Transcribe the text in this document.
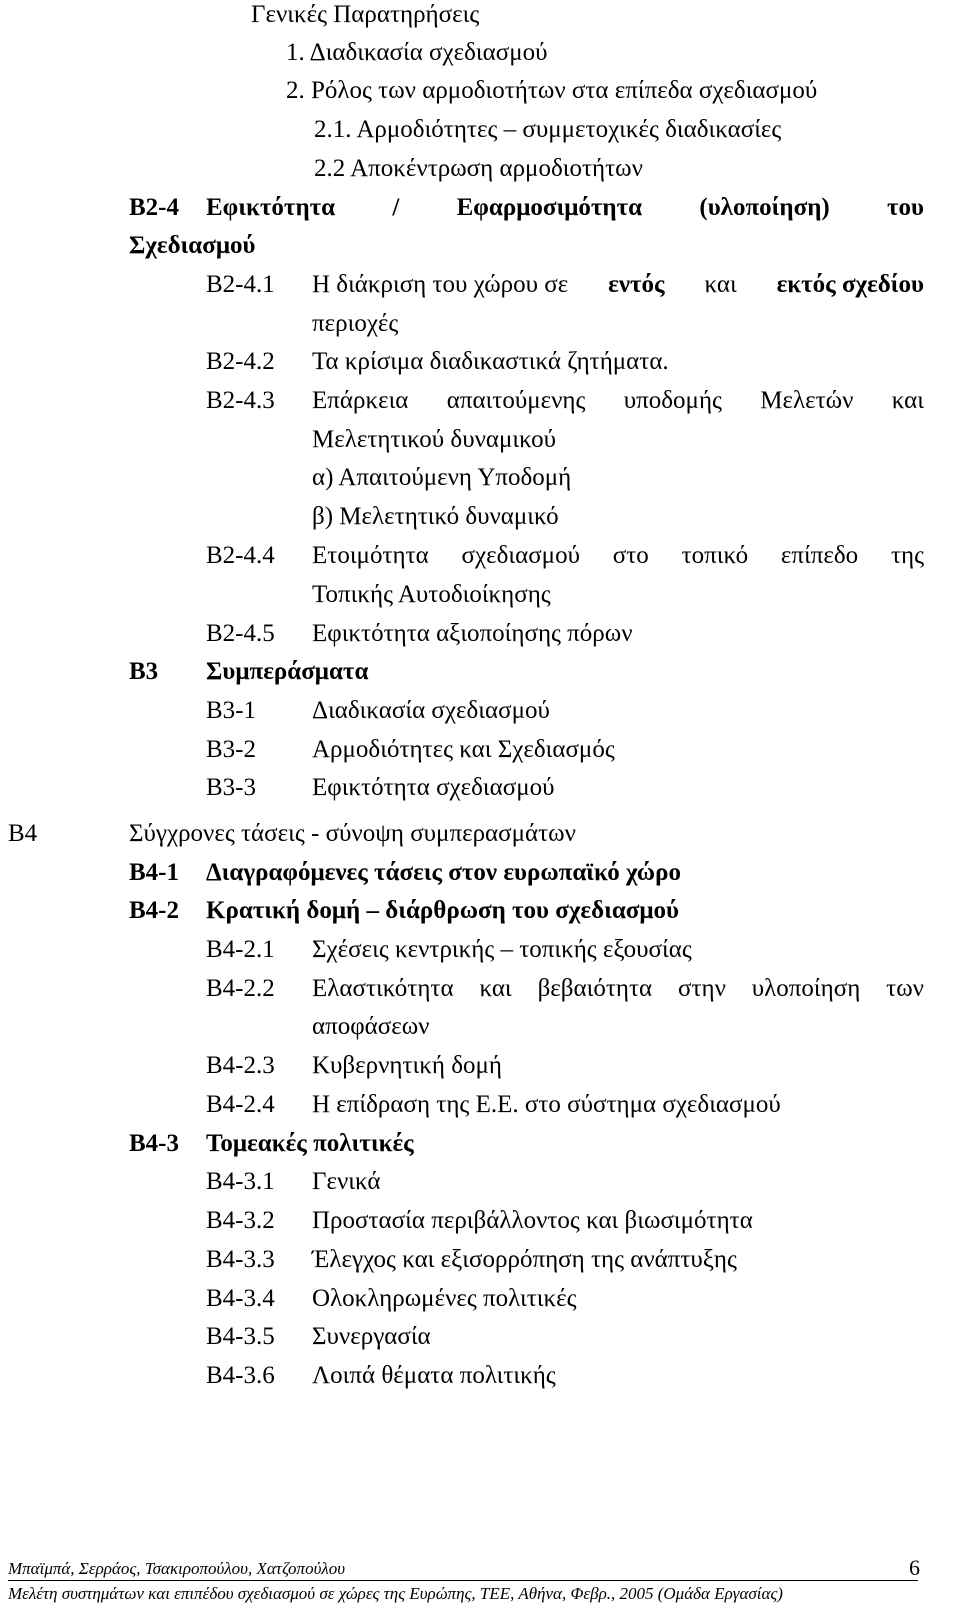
Γενικές Παρατηρήσεις
1. Διαδικασία σχεδιασμού
2. Ρόλος των αρμοδιοτήτων στα επίπεδα σχεδιασμού
2.1. Αρμοδιότητες – συμμετοχικές διαδικασίες
2.2 Αποκέντρωση αρμοδιοτήτων
B2-4 Εφικτότητα / Εφαρμοσιμότητα (υλοποίηση) του
Σχεδιασμού
B2-4.1 Η διάκριση του χώρου σε εντός και εκτός σχεδίου
περιοχές
B2-4.2 Τα κρίσιμα διαδικαστικά ζητήματα.
B2-4.3 Επάρκεια απαιτούμενης υποδομής Μελετών και
Μελετητικού δυναμικού
α) Απαιτούμενη Υποδομή
β) Μελετητικό δυναμικό
B2-4.4 Ετοιμότητα σχεδιασμού στο τοπικό επίπεδο της
Τοπικής Αυτοδιοίκησης
B2-4.5 Εφικτότητα αξιοποίησης πόρων
B3 Συμπεράσματα
B3-1 Διαδικασία σχεδιασμού
B3-2 Αρμοδιότητες και Σχεδιασμός
B3-3 Εφικτότητα σχεδιασμού
B4	Σύγχρονες τάσεις - σύνοψη συμπερασμάτων
B4-1 Διαγραφόμενες τάσεις στον ευρωπαϊκό χώρο
B4-2 Κρατική δομή – διάρθρωση του σχεδιασμού
B4-2.1 Σχέσεις κεντρικής – τοπικής εξουσίας
B4-2.2 Ελαστικότητα και βεβαιότητα στην υλοποίηση των
αποφάσεων
B4-2.3 Κυβερνητική δομή
B4-2.4 Η επίδραση της Ε.Ε. στο σύστημα σχεδιασμού
B4-3 Τομεακές πολιτικές
B4-3.1 Γενικά
B4-3.2 Προστασία περιβάλλοντος και βιωσιμότητα
B4-3.3 Έλεγχος και εξισορρόπηση της ανάπτυξης
B4-3.4 Ολοκληρωμένες πολιτικές
B4-3.5 Συνεργασία
B4-3.6 Λοιπά θέματα πολιτικής
Μπαϊμπά, Σερράος, Τσακιροπούλου, Χατζοπούλου	6
Μελέτη συστημάτων και επιπέδου σχεδιασμού σε χώρες της Ευρώπης, ΤΕΕ, Αθήνα, Φεβρ., 2005 (Ομάδα Εργασίας)
